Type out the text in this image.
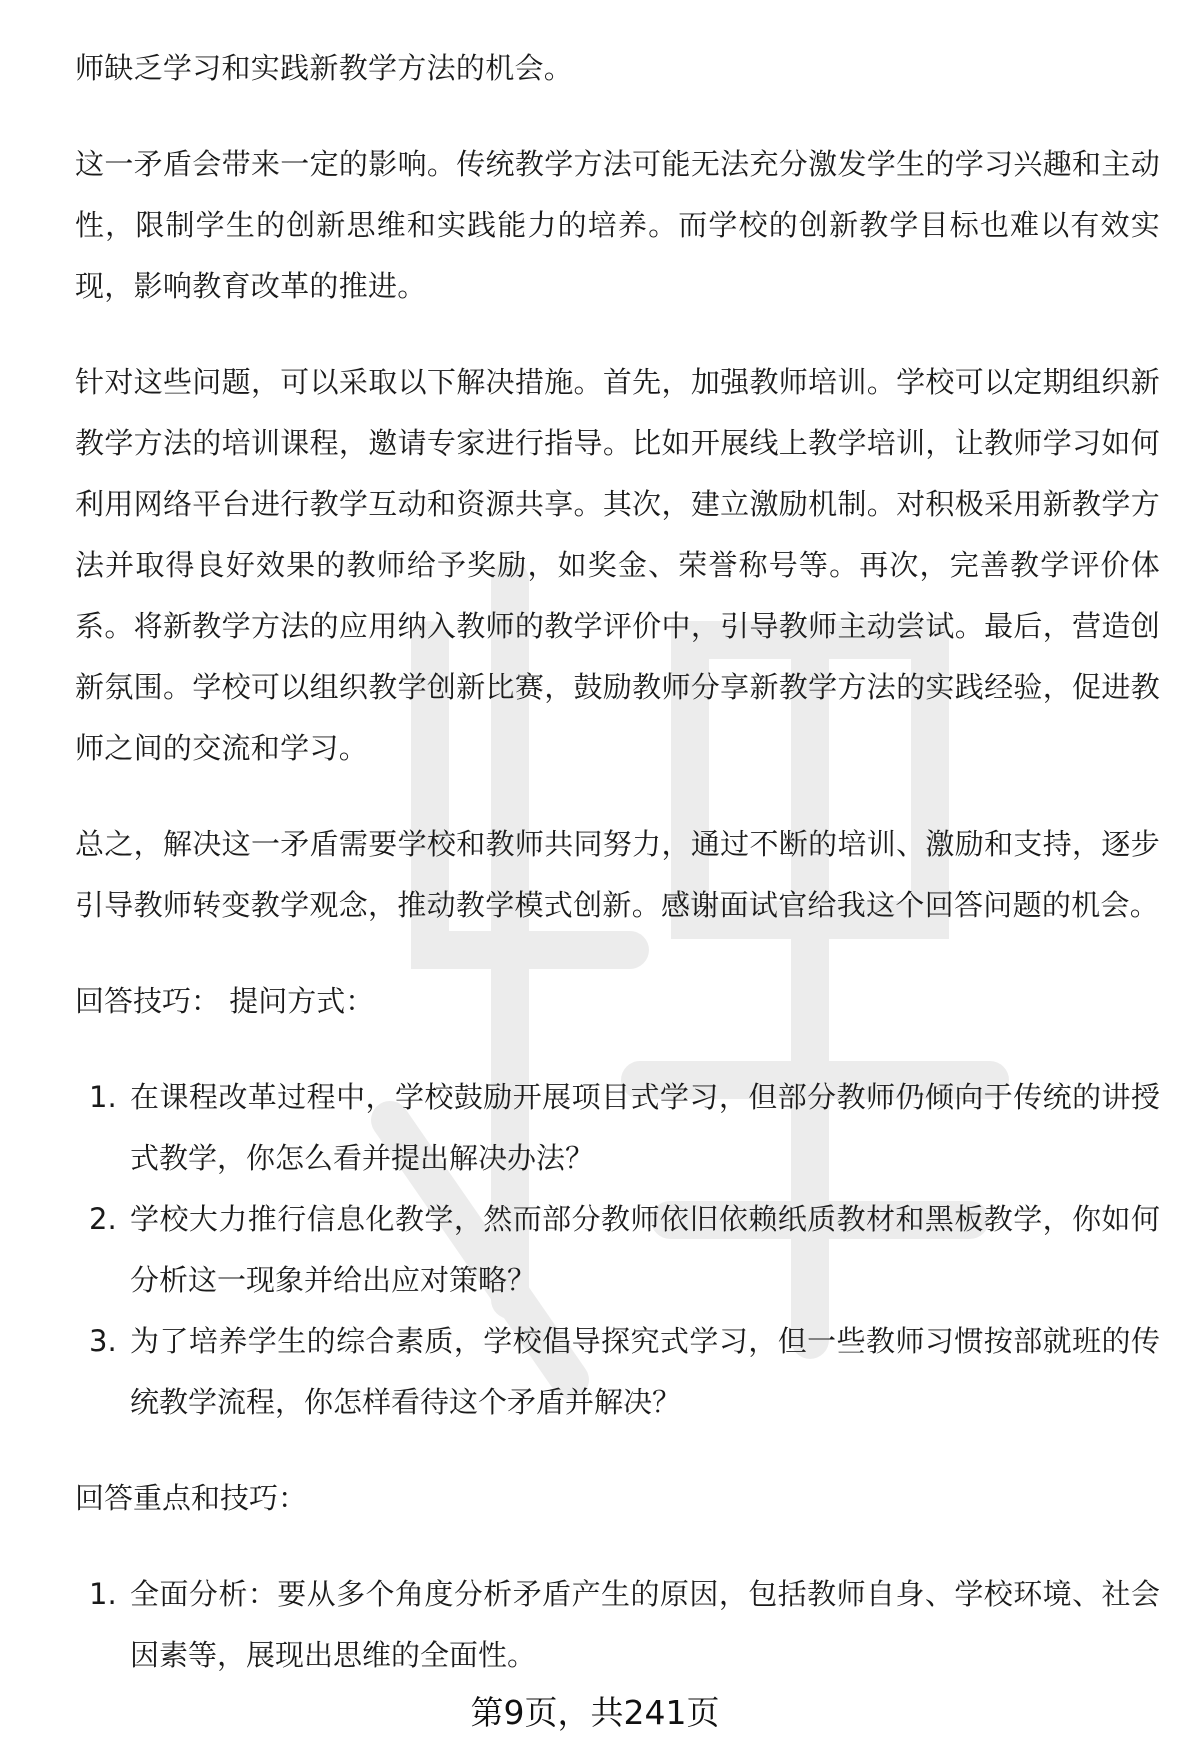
师缺乏学习和实践新教学方法的机会。

这一矛盾会带来一定的影响。传统教学方法可能无法充分激发学生的学习兴趣和主动性，限制学生的创新思维和实践能力的培养。而学校的创新教学目标也难以有效实现，影响教育改革的推进。

针对这些问题，可以采取以下解决措施。首先，加强教师培训。学校可以定期组织新教学方法的培训课程，邀请专家进行指导。比如开展线上教学培训，让教师学习如何利用网络平台进行教学互动和资源共享。其次，建立激励机制。对积极采用新教学方法并取得良好效果的教师给予奖励，如奖金、荣誉称号等。再次，完善教学评价体系。将新教学方法的应用纳入教师的教学评价中，引导教师主动尝试。最后，营造创新氛围。学校可以组织教学创新比赛，鼓励教师分享新教学方法的实践经验，促进教师之间的交流和学习。

总之，解决这一矛盾需要学校和教师共同努力，通过不断的培训、激励和支持，逐步引导教师转变教学观念，推动教学模式创新。感谢面试官给我这个回答问题的机会。

回答技巧： 提问方式：

1. 在课程改革过程中，学校鼓励开展项目式学习，但部分教师仍倾向于传统的讲授式教学，你怎么看并提出解决办法？
2. 学校大力推行信息化教学，然而部分教师依旧依赖纸质教材和黑板教学，你如何分析这一现象并给出应对策略？
3. 为了培养学生的综合素质，学校倡导探究式学习，但一些教师习惯按部就班的传统教学流程，你怎样看待这个矛盾并解决？

回答重点和技巧：

1. 全面分析：要从多个角度分析矛盾产生的原因，包括教师自身、学校环境、社会因素等，展现出思维的全面性。
第9页，共241页
